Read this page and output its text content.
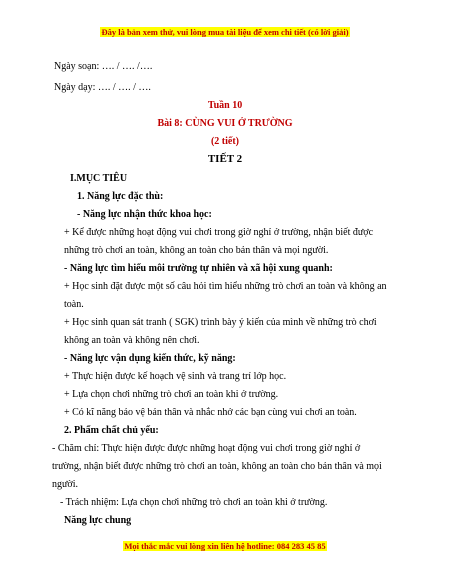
Đây là bản xem thử, vui lòng mua tài liệu để xem chi tiết (có lời giải)
Ngày soạn: …. / …. /….
Ngày dạy: …. / …. / ….
Tuần 10
Bài 8: CÙNG VUI Ở TRƯỜNG
(2 tiết)
TIẾT 2
I.MỤC TIÊU
1. Năng lực đặc thù:
- Năng lực nhận thức khoa học:
+ Kể được những hoạt động vui chơi trong giờ nghỉ ở trường, nhận biết được
những trò chơi an toàn, không an toàn cho bản thân và mọi người.
- Năng lực tìm hiểu môi trường tự nhiên và xã hội xung quanh:
+ Học sinh đặt được một số câu hỏi tìm hiểu những trò chơi an toàn và không an
toàn.
+ Học sinh quan sát tranh ( SGK) trình bày ý kiến của mình về những trò chơi
không an toàn và không nên chơi.
- Năng lực vận dụng kiến thức, kỹ năng:
+ Thực hiện được kế hoạch vệ sinh và trang trí lớp học.
+ Lựa chọn chơi những trò chơi an toàn khi ở trường.
+ Có kĩ năng bảo vệ bản thân và nhắc nhở các bạn cùng vui chơi an toàn.
2. Phẩm chất chủ yếu:
- Chăm chỉ: Thực hiện được được những hoạt động vui chơi trong giờ nghỉ ở
trường, nhận biết được những trò chơi an toàn, không an toàn cho bản thân và mọi
người.
- Trách nhiệm: Lựa chọn chơi những trò chơi an toàn khi ở trường.
Năng lực chung
Mọi thắc mắc vui lòng xin liên hệ hotline: 084 283 45 85
